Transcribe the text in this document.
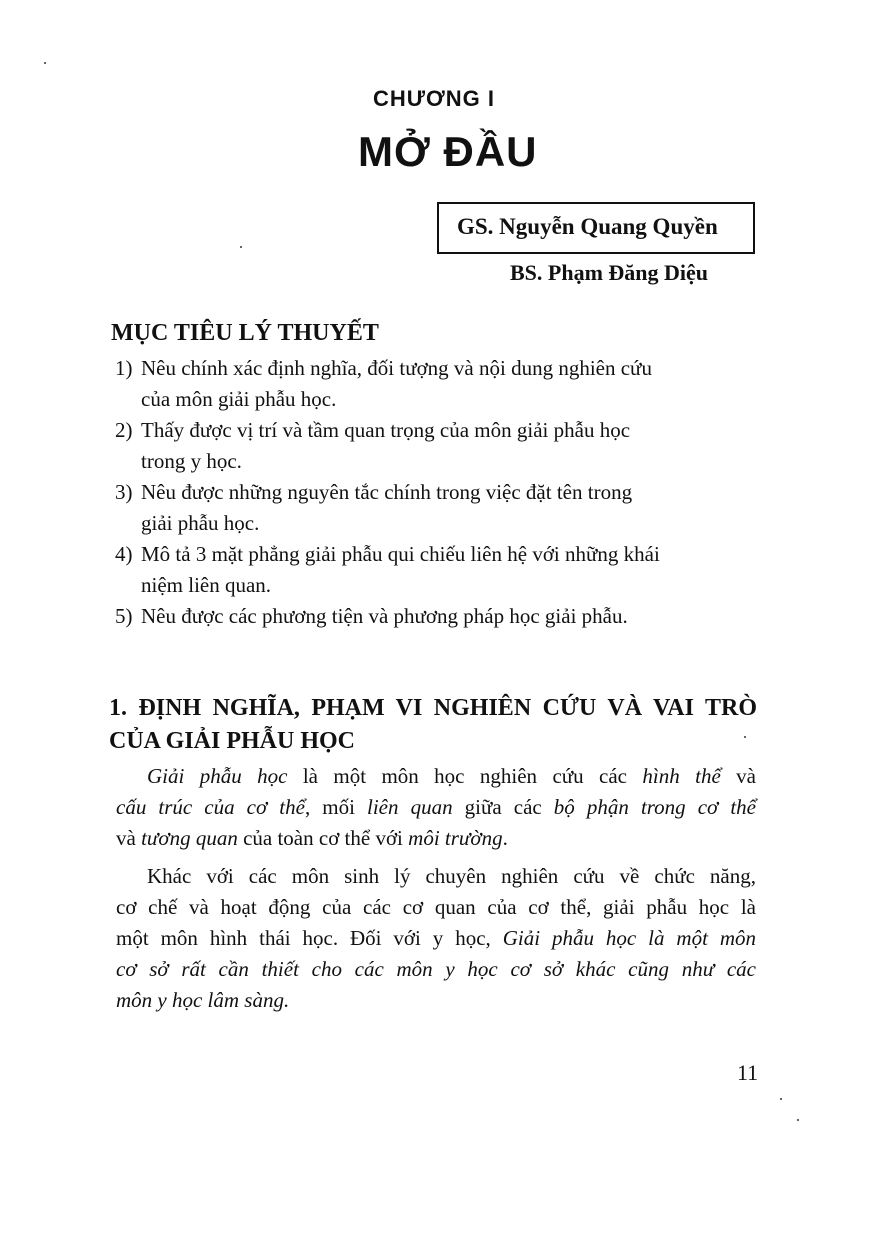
CHƯƠNG I
MỞ ĐẦU
GS. Nguyễn Quang Quyền
BS. Phạm Đăng Diệu
MỤC TIÊU LÝ THUYẾT
1) Nêu chính xác định nghĩa, đối tượng và nội dung nghiên cứu
của môn giải phẫu học.
2) Thấy được vị trí và tầm quan trọng của môn giải phẫu học
trong y học.
3) Nêu được những nguyên tắc chính trong việc đặt tên trong
giải phẫu học.
4) Mô tả 3 mặt phẳng giải phẫu qui chiếu liên hệ với những khái
niệm liên quan.
5) Nêu được các phương tiện và phương pháp học giải phẫu.
1. ĐỊNH NGHĨA, PHẠM VI NGHIÊN CỨU VÀ VAI TRÒ
CỦA GIẢI PHẪU HỌC
Giải phẫu học là một môn học nghiên cứu các hình thể và
cấu trúc của cơ thể, mối liên quan giữa các bộ phận trong cơ thể
và tương quan của toàn cơ thể với môi trường.
Khác với các môn sinh lý chuyên nghiên cứu về chức năng,
cơ chế và hoạt động của các cơ quan của cơ thể, giải phẫu học là
một môn hình thái học. Đối với y học, Giải phẫu học là một môn
cơ sở rất cần thiết cho các môn y học cơ sở khác cũng như các
môn y học lâm sàng.
11
